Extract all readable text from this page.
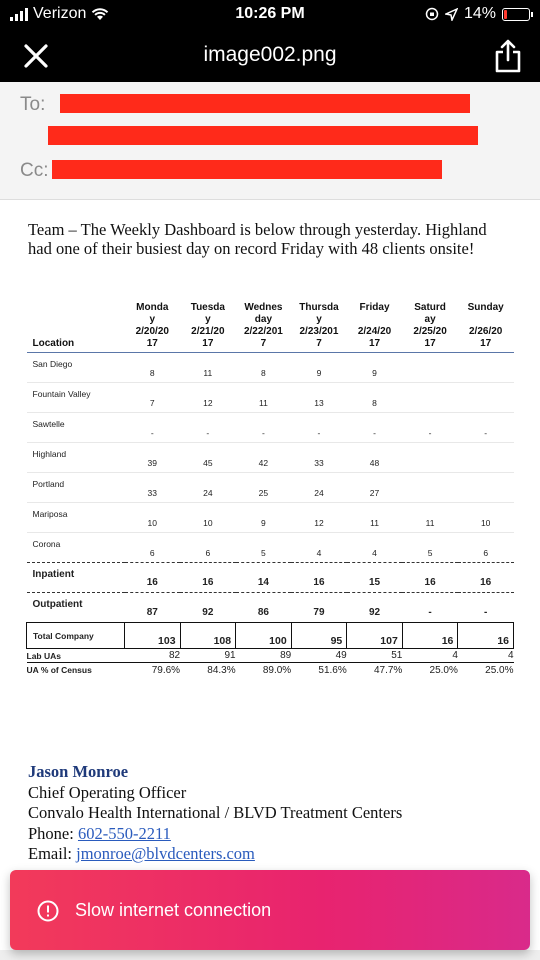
Verizon	10:26 PM	14%
image002.png
To:
Cc:
Team – The Weekly Dashboard is below through yesterday. Highland had one of their busiest day on record Friday with 48 clients onsite!
Location	Monda
y
2/20/20
17	Tuesda
y
2/21/20
17	Wednes
day
2/22/201
7	Thursda
y
2/23/201
7	Friday

2/24/20
17	Saturd
ay
2/25/20
17	Sunday

2/26/20
17
San Diego	8	11	8	9	9		
Fountain Valley	7	12	11	13	8		
Sawtelle	-	-	-	-	-	-	-
Highland	39	45	42	33	48		
Portland	33	24	25	24	27		
Mariposa	10	10	9	12	11	11	10
Corona	6	6	5	4	4	5	6
Inpatient	16	16	14	16	15	16	16
Outpatient	87	92	86	79	92	-	-
Total Company	103	108	100	95	107	16	16
Lab UAs	82	91	89	49	51	4	4
UA % of Census	79.6%	84.3%	89.0%	51.6%	47.7%	25.0%	25.0%
Jason Monroe
Chief Operating Officer
Convalo Health International / BLVD Treatment Centers
Phone: 602-550-2211
Email: jmonroe@blvdcenters.com
Slow internet connection
